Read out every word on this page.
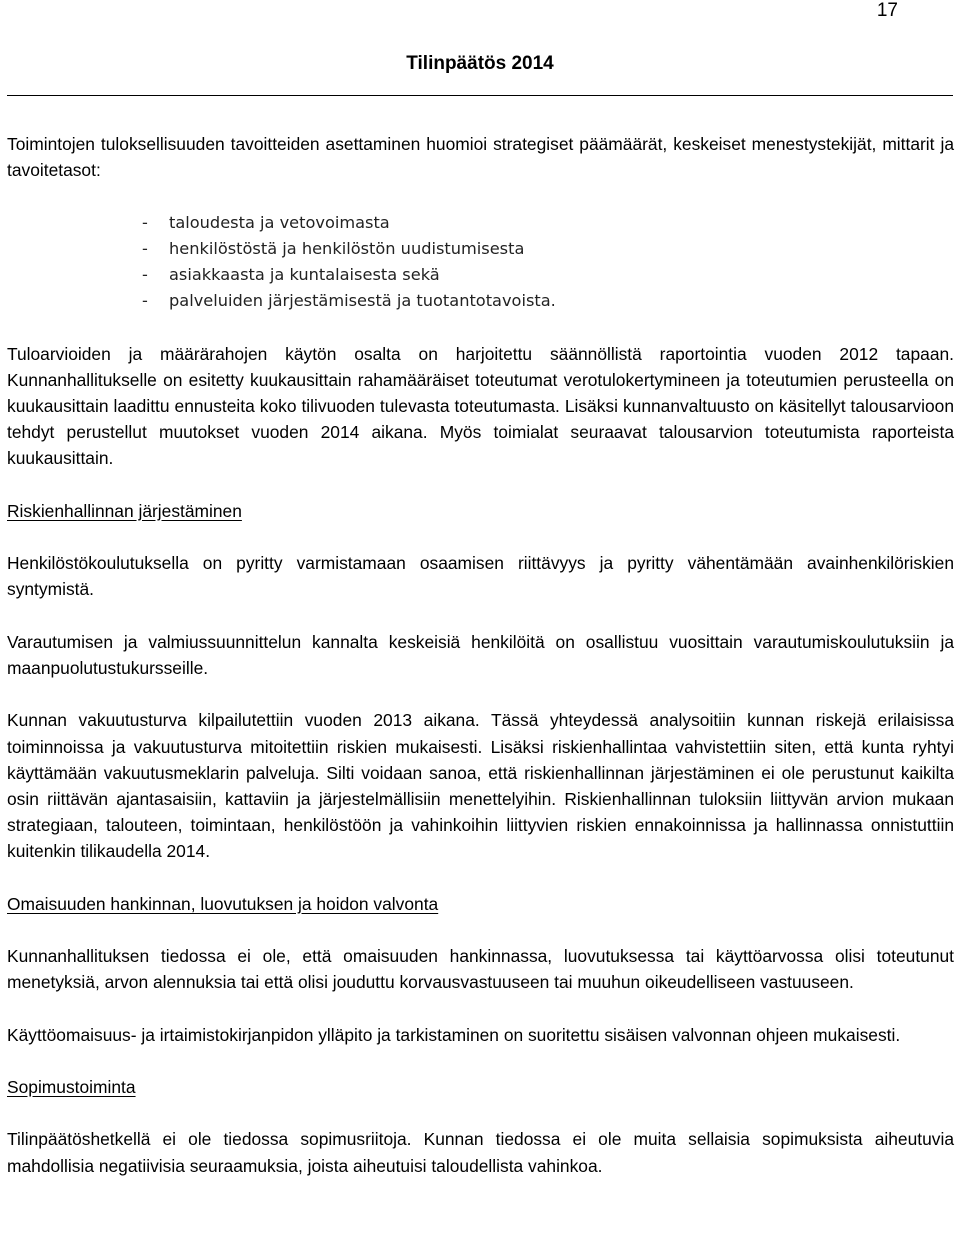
17
Tilinpäätös 2014

Toimintojen tuloksellisuuden tavoitteiden asettaminen huomioi strategiset päämäärät, keskeiset menestystekijät, mittarit ja tavoitetasot:

- taloudesta ja vetovoimasta
- henkilöstöstä ja henkilöstön uudistumisesta
- asiakkaasta ja kuntalaisesta sekä
- palveluiden järjestämisestä ja tuotantotavoista.

Tuloarvioiden ja määrärahojen käytön osalta on harjoitettu säännöllistä raportointia vuoden 2012 tapaan. Kunnanhallitukselle on esitetty kuukausittain rahamääräiset toteutumat verotulokertymineen ja toteutumien perusteella on kuukausittain laadittu ennusteita koko tilivuoden tulevasta toteutumasta. Lisäksi kunnanvaltuusto on käsitellyt talousarvioon tehdyt perustellut muutokset vuoden 2014 aikana. Myös toimialat seuraavat talousarvion toteutumista raporteista kuukausittain.

Riskienhallinnan järjestäminen

Henkilöstökoulutuksella on pyritty varmistamaan osaamisen riittävyys ja pyritty vähentämään avainhenkilöriskien syntymistä.

Varautumisen ja valmiussuunnittelun kannalta keskeisiä henkilöitä on osallistuu vuosittain varautumiskoulutuksiin ja maanpuolutustukursseille.

Kunnan vakuutusturva kilpailutettiin vuoden 2013 aikana. Tässä yhteydessä analysoitiin kunnan riskejä erilaisissa toiminnoissa ja vakuutusturva mitoitettiin riskien mukaisesti. Lisäksi riskienhallintaa vahvistettiin siten, että kunta ryhtyi käyttämään vakuutusmeklarin palveluja. Silti voidaan sanoa, että riskienhallinnan järjestäminen ei ole perustunut kaikilta osin riittävän ajantasaisiin, kattaviin ja järjestelmällisiin menettelyihin. Riskienhallinnan tuloksiin liittyvän arvion mukaan strategiaan, talouteen, toimintaan, henkilöstöön ja vahinkoihin liittyvien riskien ennakoinnissa ja hallinnassa onnistuttiin kuitenkin tilikaudella 2014.

Omaisuuden hankinnan, luovutuksen ja hoidon valvonta

Kunnanhallituksen tiedossa ei ole, että omaisuuden hankinnassa, luovutuksessa tai käyttöarvossa olisi toteutunut menetyksiä, arvon alennuksia tai että olisi jouduttu korvausvastuuseen tai muuhun oikeudelliseen vastuuseen.

Käyttöomaisuus- ja irtaimistokirjanpidon ylläpito ja tarkistaminen on suoritettu sisäisen valvonnan ohjeen mukaisesti.

Sopimustoiminta

Tilinpäätöshetkellä ei ole tiedossa sopimusriitoja. Kunnan tiedossa ei ole muita sellaisia sopimuksista aiheutuvia mahdollisia negatiivisia seuraamuksia, joista aiheutuisi taloudellista vahinkoa.
